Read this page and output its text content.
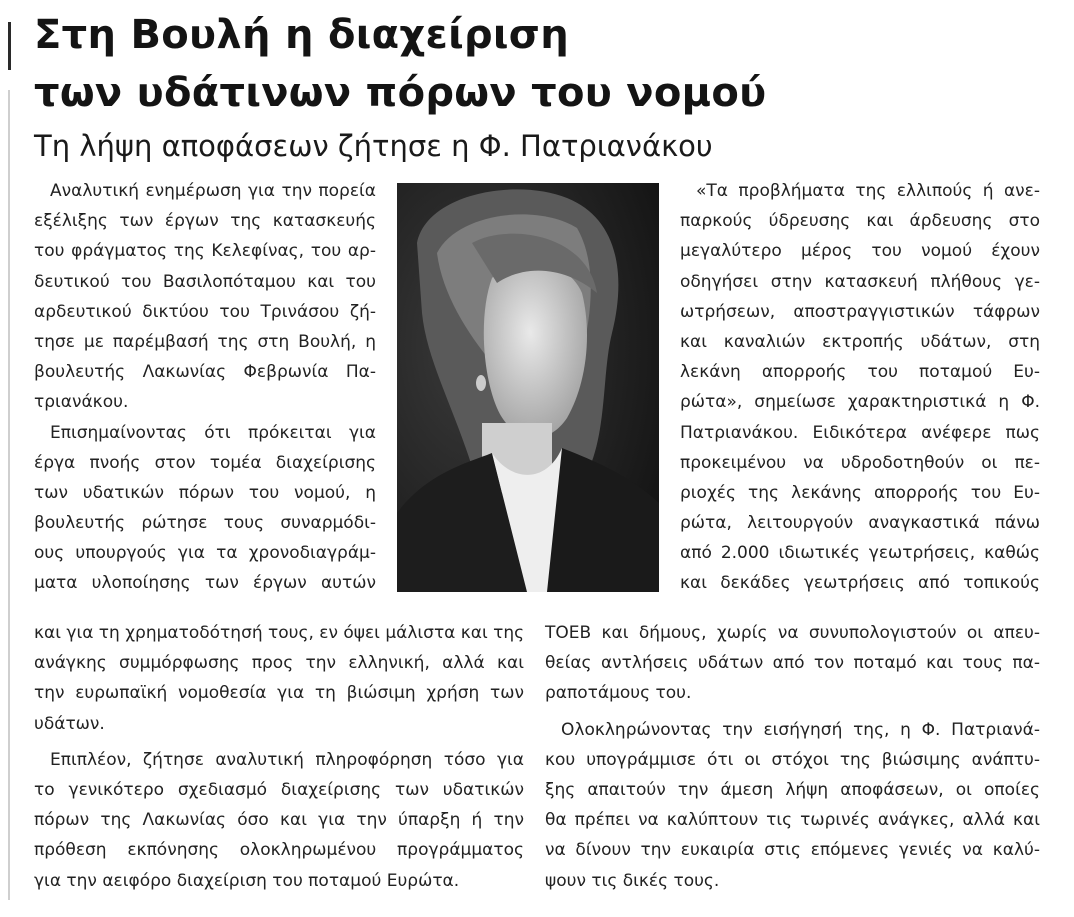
Στη Βουλή η διαχείριση
των υδάτινων πόρων του νομού
Τη λήψη αποφάσεων ζήτησε η Φ. Πατριανάκου
Αναλυτική ενημέρωση για την πορεία
εξέλιξης των έργων της κατασκευής
του φράγματος της Κελεφίνας, του αρ-
δευτικού του Βασιλοπόταμου και του
αρδευτικού δικτύου του Τρινάσου ζή-
τησε με παρέμβασή της στη Βουλή, η
βουλευτής Λακωνίας Φεβρωνία Πα-
τριανάκου.
Επισημαίνοντας ότι πρόκειται για
έργα πνοής στον τομέα διαχείρισης
των υδατικών πόρων του νομού, η
βουλευτής ρώτησε τους συναρμόδι-
ους υπουργούς για τα χρονοδιαγράμ-
ματα υλοποίησης των έργων αυτών
και για τη χρηματοδότησή τους, εν όψει μάλιστα και της
ανάγκης συμμόρφωσης προς την ελληνική, αλλά και
την ευρωπαϊκή νομοθεσία για τη βιώσιμη χρήση των
υδάτων.
Επιπλέον, ζήτησε αναλυτική πληροφόρηση τόσο για
το γενικότερο σχεδιασμό διαχείρισης των υδατικών
πόρων της Λακωνίας όσο και για την ύπαρξη ή την
πρόθεση εκπόνησης ολοκληρωμένου προγράμματος
για την αειφόρο διαχείριση του ποταμού Ευρώτα.
«Τα προβλήματα της ελλιπούς ή ανε-
παρκούς ύδρευσης και άρδευσης στο
μεγαλύτερο μέρος του νομού έχουν
οδηγήσει στην κατασκευή πλήθους γε-
ωτρήσεων, αποστραγγιστικών τάφρων
και καναλιών εκτροπής υδάτων, στη
λεκάνη απορροής του ποταμού Ευ-
ρώτα», σημείωσε χαρακτηριστικά η Φ.
Πατριανάκου. Ειδικότερα ανέφερε πως
προκειμένου να υδροδοτηθούν οι πε-
ριοχές της λεκάνης απορροής του Ευ-
ρώτα, λειτουργούν αναγκαστικά πάνω
από 2.000 ιδιωτικές γεωτρήσεις, καθώς
και δεκάδες γεωτρήσεις από τοπικούς
ΤΟΕΒ και δήμους, χωρίς να συνυπολογιστούν οι απευ-
θείας αντλήσεις υδάτων από τον ποταμό και τους πα-
ραποτάμους του.
Ολοκληρώνοντας την εισήγησή της, η Φ. Πατριανά-
κου υπογράμμισε ότι οι στόχοι της βιώσιμης ανάπτυ-
ξης απαιτούν την άμεση λήψη αποφάσεων, οι οποίες
θα πρέπει να καλύπτουν τις τωρινές ανάγκες, αλλά και
να δίνουν την ευκαιρία στις επόμενες γενιές να καλύ-
ψουν τις δικές τους.
